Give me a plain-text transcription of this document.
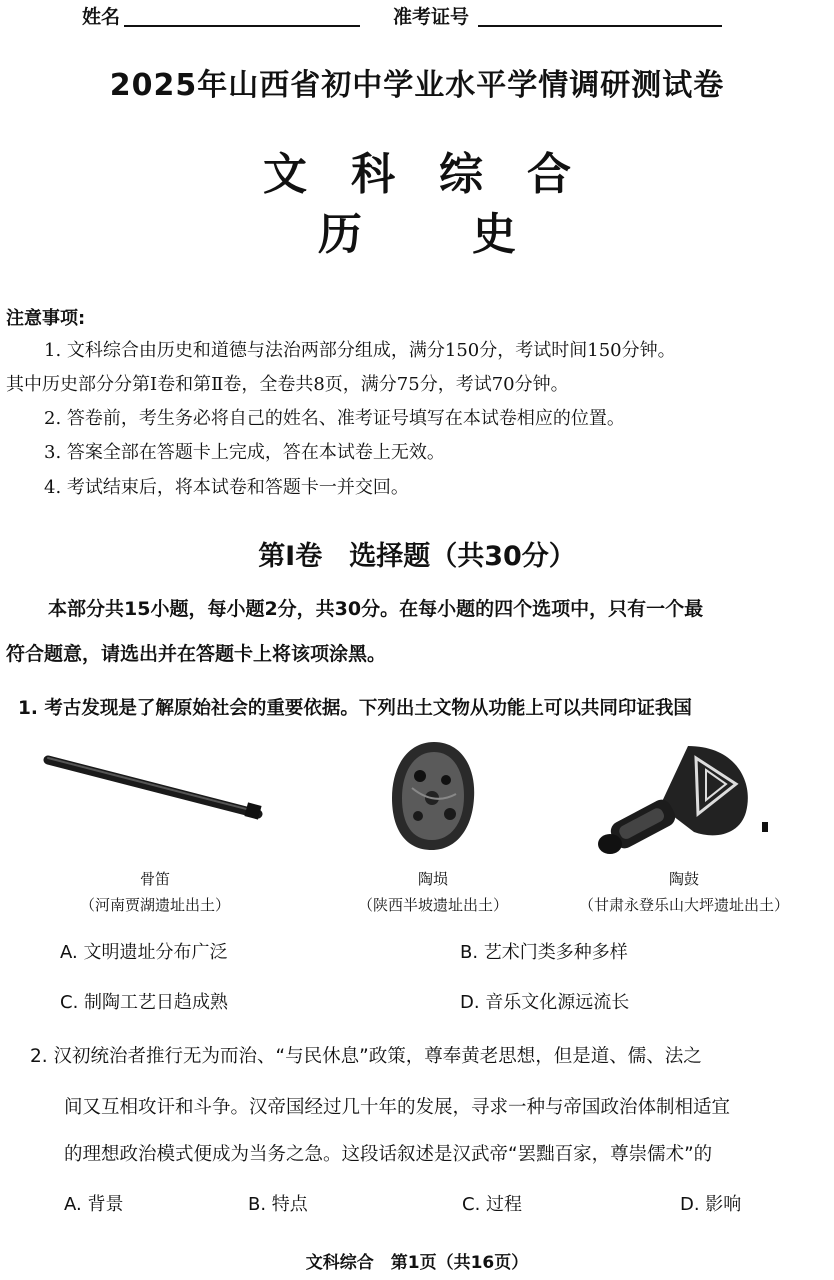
姓名	准考证号
2025年山西省初中学业水平学情调研测试卷
文科综合
历史
注意事项:
1. 文科综合由历史和道德与法治两部分组成，满分150分，考试时间150分钟。
其中历史部分分第Ⅰ卷和第Ⅱ卷，全卷共8页，满分75分，考试70分钟。
2. 答卷前，考生务必将自己的姓名、准考证号填写在本试卷相应的位置。
3. 答案全部在答题卡上完成，答在本试卷上无效。
4. 考试结束后，将本试卷和答题卡一并交回。
第Ⅰ卷　选择题（共30分）
本部分共15小题，每小题2分，共30分。在每小题的四个选项中，只有一个最
符合题意，请选出并在答题卡上将该项涂黑。
1. 考古发现是了解原始社会的重要依据。下列出土文物从功能上可以共同印证我国
骨笛
（河南贾湖遗址出土）
陶埙
（陕西半坡遗址出土）
陶鼓
（甘肃永登乐山大坪遗址出土）
A. 文明遗址分布广泛	B. 艺术门类多种多样
C. 制陶工艺日趋成熟	D. 音乐文化源远流长
2. 汉初统治者推行无为而治、“与民休息”政策，尊奉黄老思想，但是道、儒、法之
间又互相攻讦和斗争。汉帝国经过几十年的发展，寻求一种与帝国政治体制相适宜
的理想政治模式便成为当务之急。这段话叙述是汉武帝“罢黜百家，尊崇儒术”的
A. 背景	B. 特点	C. 过程	D. 影响
文科综合　第1页（共16页）
